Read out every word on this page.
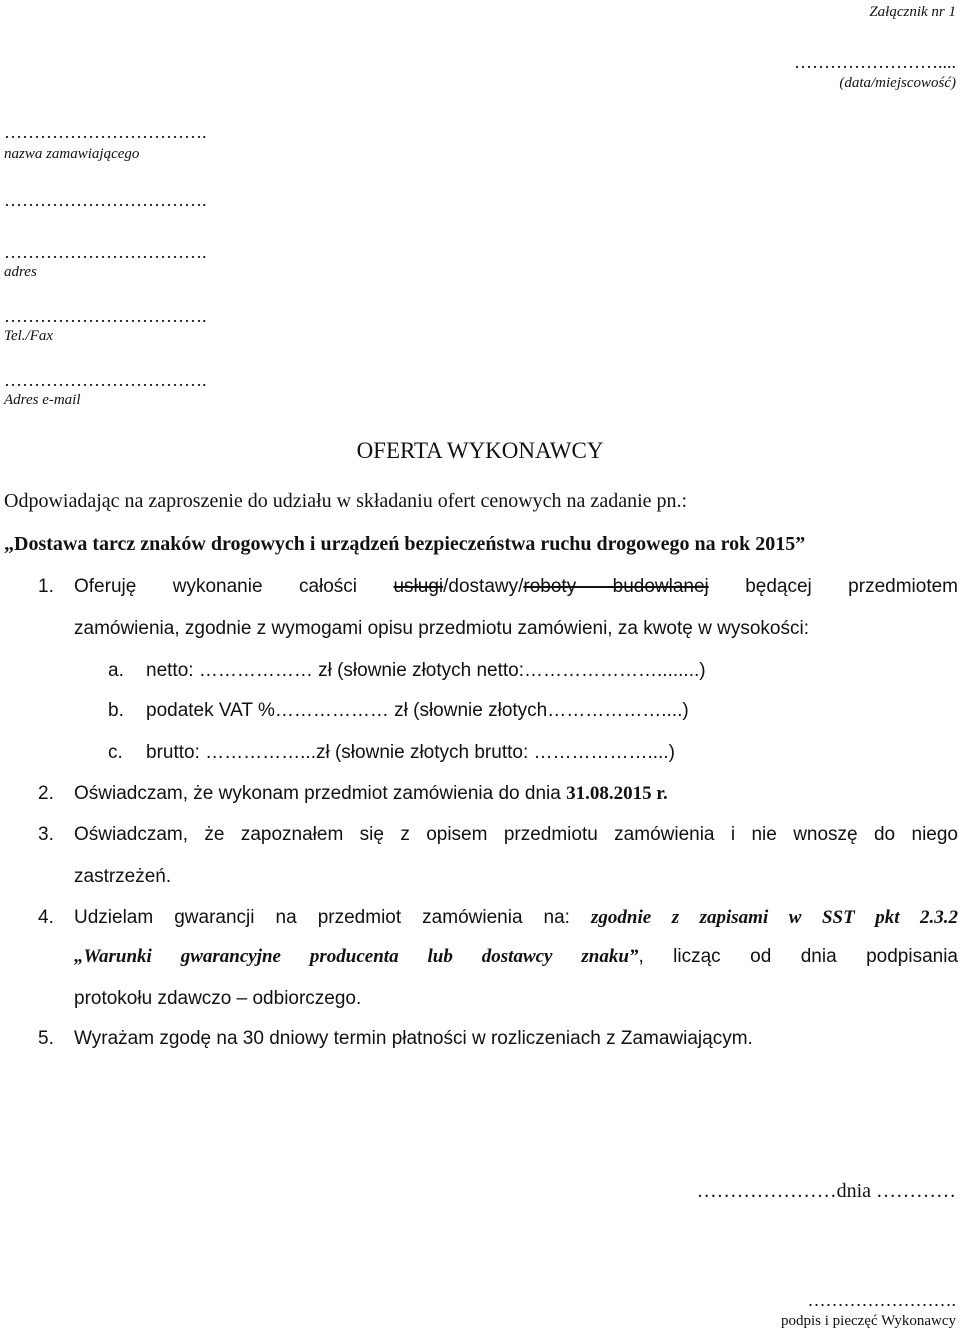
Załącznik nr 1
……………………....
(data/miejscowość)
…………………………….
nazwa zamawiającego
…………………………….
…………………………….
adres
…………………………….
Tel./Fax
…………………………….
Adres e-mail
OFERTA WYKONAWCY
Odpowiadając na zaproszenie do udziału w składaniu ofert cenowych na zadanie pn.:
„Dostawa tarcz znaków drogowych i urządzeń bezpieczeństwa ruchu drogowego na rok 2015”
1. Oferuję wykonanie całości usługi/dostawy/roboty budowlanej będącej przedmiotem
zamówienia, zgodnie z wymogami opisu przedmiotu zamówieni, za kwotę w wysokości:
a. netto: ……………… zł (słownie złotych netto:…………………........)
b. podatek VAT %……………… zł (słownie złotych………………....)
c. brutto: ……………...zł (słownie złotych brutto: ………………....)
2. Oświadczam, że wykonam przedmiot zamówienia do dnia 31.08.2015 r.
3. Oświadczam, że zapoznałem się z opisem przedmiotu zamówienia i nie wnoszę do niego
zastrzeżeń.
4. Udzielam gwarancji na przedmiot zamówienia na: zgodnie z zapisami w SST pkt 2.3.2
„Warunki gwarancyjne producenta lub dostawcy znaku”, licząc od dnia podpisania
protokołu zdawczo – odbiorczego.
5. Wyrażam zgodę na 30 dniowy termin płatności w rozliczeniach z Zamawiającym.
…………………dnia …………
…………………….
podpis i pieczęć Wykonawcy
